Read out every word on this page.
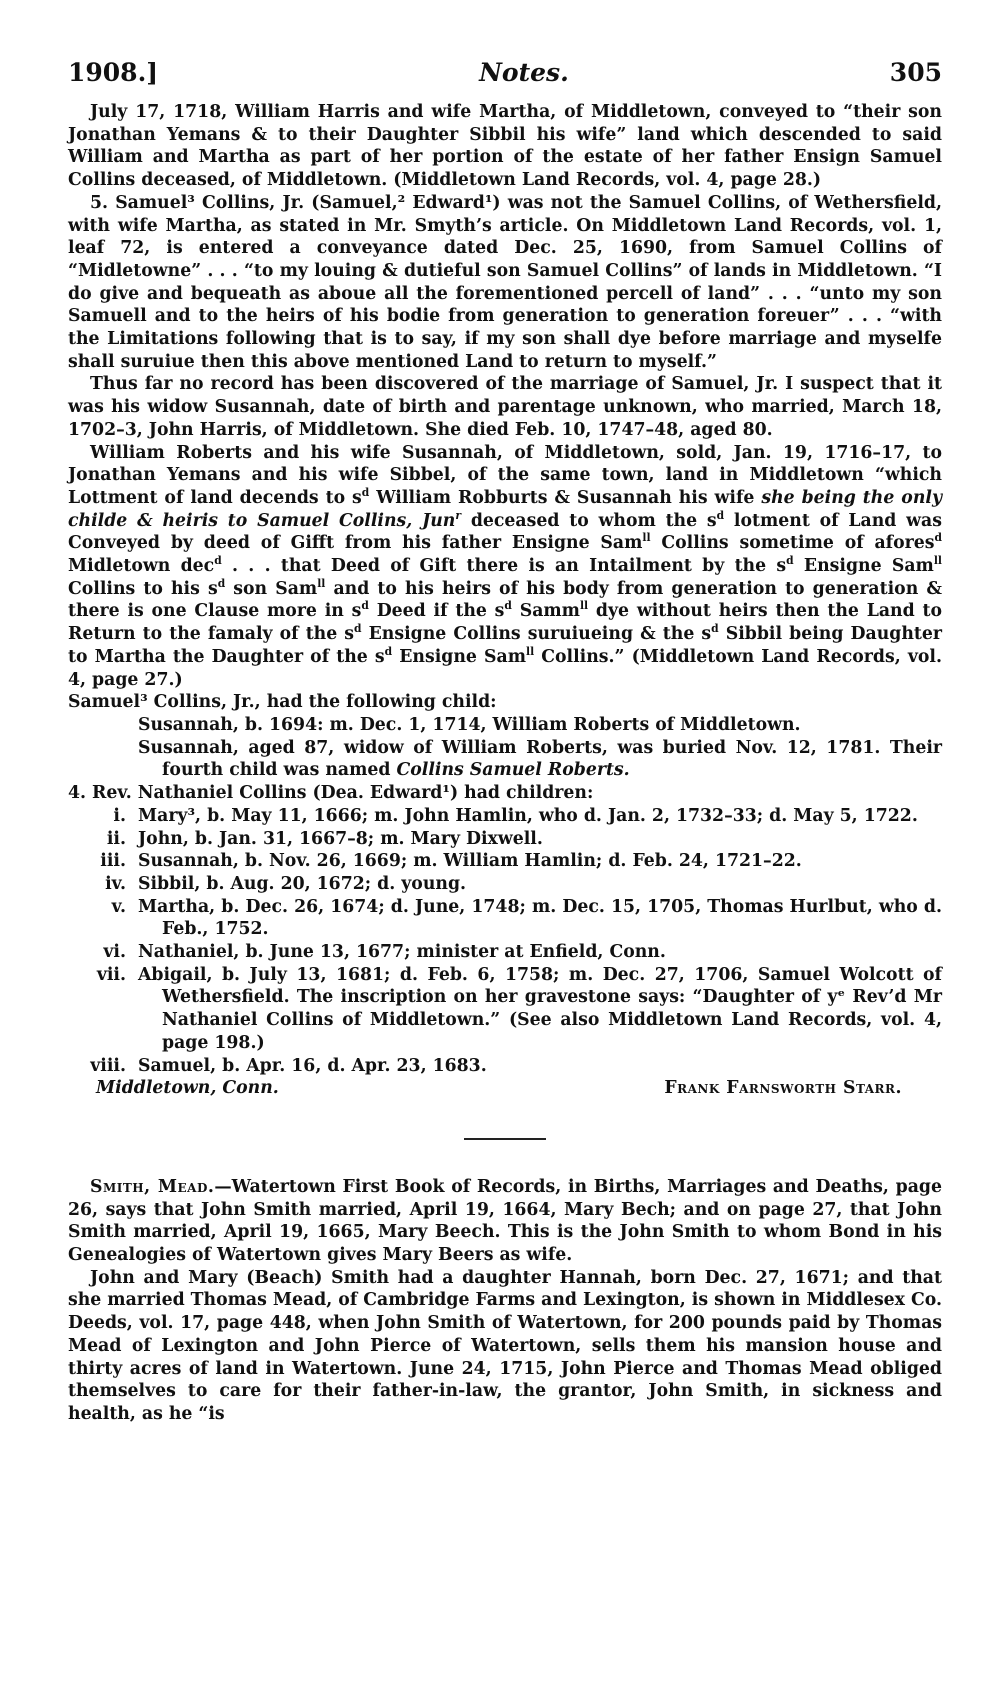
1908.]	Notes.	305

July 17, 1718, William Harris and wife Martha, of Middletown, conveyed to “their son Jonathan Yemans & to their Daughter Sibbil his wife” land which descended to said William and Martha as part of her portion of the estate of her father Ensign Samuel Collins deceased, of Middletown. (Middletown Land Records, vol. 4, page 28.)

5. Samuel³ Collins, Jr. (Samuel,² Edward¹) was not the Samuel Collins, of Wethersfield, with wife Martha, as stated in Mr. Smyth’s article. On Middletown Land Records, vol. 1, leaf 72, is entered a conveyance dated Dec. 25, 1690, from Samuel Collins of “Midletowne” . . . “to my louing & dutieful son Samuel Collins” of lands in Middletown. “I do give and bequeath as aboue all the forementioned percell of land” . . . “unto my son Samuell and to the heirs of his bodie from generation to generation foreuer” . . . “with the Limitations following that is to say, if my son shall dye before marriage and myselfe shall suruiue then this above mentioned Land to return to myself.”

Thus far no record has been discovered of the marriage of Samuel, Jr. I suspect that it was his widow Susannah, date of birth and parentage unknown, who married, March 18, 1702–3, John Harris, of Middletown. She died Feb. 10, 1747–48, aged 80.

William Roberts and his wife Susannah, of Middletown, sold, Jan. 19, 1716–17, to Jonathan Yemans and his wife Sibbel, of the same town, land in Middletown “which Lottment of land decends to $s^d$ William Robburts & Susannah his wife she being the only childe & heiris to Samuel Collins, Jun$^r$ deceased to whom the $s^d$ lotment of Land was Conveyed by deed of Gifft from his father Ensigne Sam$^{ll}$ Collins sometime of afores$^d$ Midletown dec$^d$ . . . that Deed of Gift there is an Intailment by the $s^d$ Ensigne Sam$^{ll}$ Collins to his $s^d$ son Sam$^{ll}$ and to his heirs of his body from generation to generation & there is one Clause more in $s^d$ Deed if the $s^d$ Samm$^{ll}$ dye without heirs then the Land to Return to the famaly of the $s^d$ Ensigne Collins suruiueing & the $s^d$ Sibbil being Daughter to Martha the Daughter of the $s^d$ Ensigne Sam$^{ll}$ Collins.” (Middletown Land Records, vol. 4, page 27.)

Samuel³ Collins, Jr., had the following child:

Susannah, b. 1694: m. Dec. 1, 1714, William Roberts of Middletown.
Susannah, aged 87, widow of William Roberts, was buried Nov. 12, 1781. Their fourth child was named Collins Samuel Roberts.

4. Rev. Nathaniel Collins (Dea. Edward¹) had children:

i. Mary³, b. May 11, 1666; m. John Hamlin, who d. Jan. 2, 1732–33; d. May 5, 1722.
ii. John, b. Jan. 31, 1667–8; m. Mary Dixwell.
iii. Susannah, b. Nov. 26, 1669; m. William Hamlin; d. Feb. 24, 1721–22.
iv. Sibbil, b. Aug. 20, 1672; d. young.
v. Martha, b. Dec. 26, 1674; d. June, 1748; m. Dec. 15, 1705, Thomas Hurlbut, who d. Feb., 1752.
vi. Nathaniel, b. June 13, 1677; minister at Enfield, Conn.
vii. Abigail, b. July 13, 1681; d. Feb. 6, 1758; m. Dec. 27, 1706, Samuel Wolcott of Wethersfield. The inscription on her gravestone says: “Daughter of yᵉ Rev’d Mr Nathaniel Collins of Middletown.” (See also Middletown Land Records, vol. 4, page 198.)
viii. Samuel, b. Apr. 16, d. Apr. 23, 1683.
Middletown, Conn.	Frank Farnsworth Starr.

Smith, Mead.—Watertown First Book of Records, in Births, Marriages and Deaths, page 26, says that John Smith married, April 19, 1664, Mary Bech; and on page 27, that John Smith married, April 19, 1665, Mary Beech. This is the John Smith to whom Bond in his Genealogies of Watertown gives Mary Beers as wife.

John and Mary (Beach) Smith had a daughter Hannah, born Dec. 27, 1671; and that she married Thomas Mead, of Cambridge Farms and Lexington, is shown in Middlesex Co. Deeds, vol. 17, page 448, when John Smith of Watertown, for 200 pounds paid by Thomas Mead of Lexington and John Pierce of Watertown, sells them his mansion house and thirty acres of land in Watertown. June 24, 1715, John Pierce and Thomas Mead obliged themselves to care for their father-in-law, the grantor, John Smith, in sickness and health, as he “is
